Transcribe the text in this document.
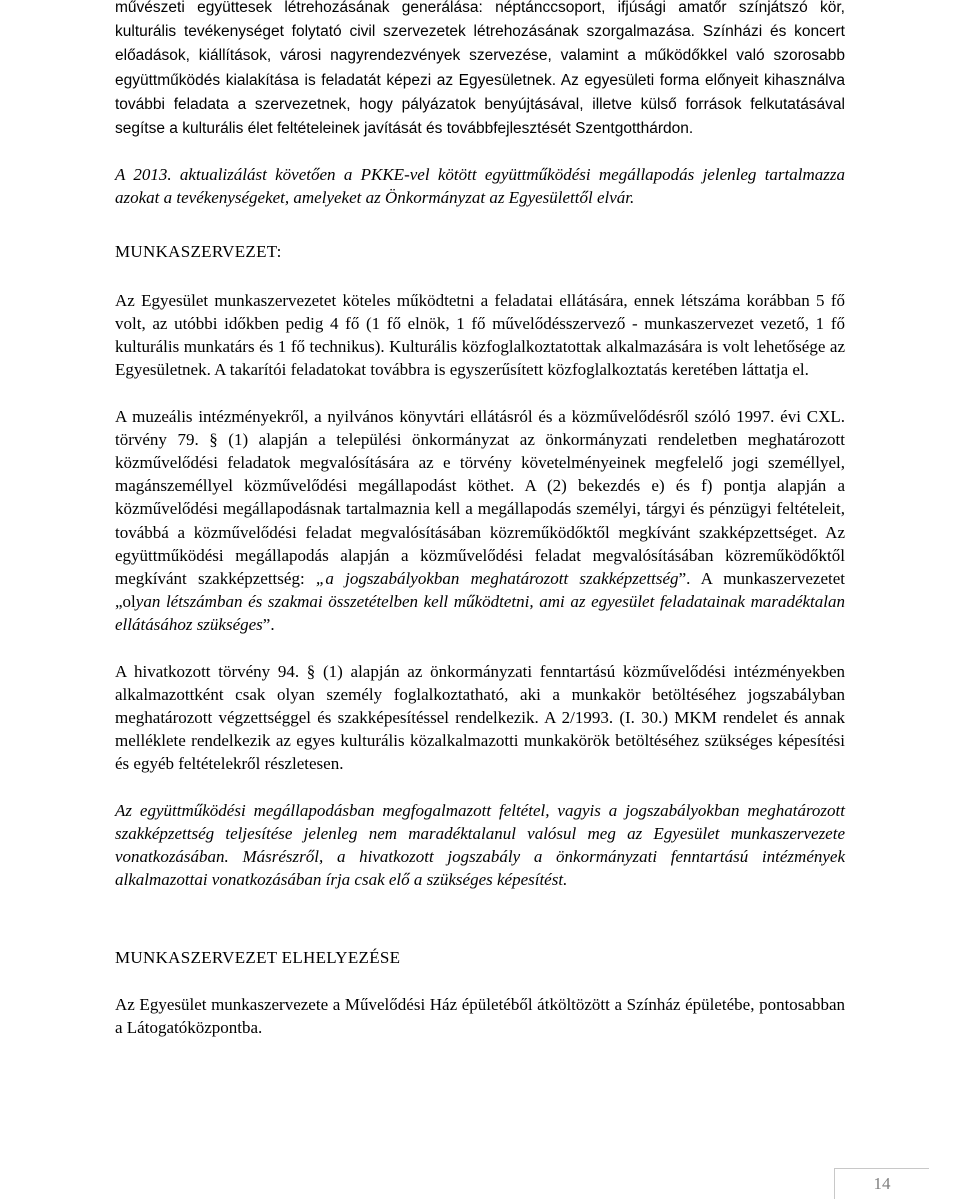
művészeti együttesek létrehozásának generálása: néptánccsoport, ifjúsági amatőr színjátszó kör, kulturális tevékenységet folytató civil szervezetek létrehozásának szorgalmazása. Színházi és koncert előadások, kiállítások, városi nagyrendezvények szervezése, valamint a működőkkel való szorosabb együttműködés kialakítása is feladatát képezi az Egyesületnek. Az egyesületi forma előnyeit kihasználva további feladata a szervezetnek, hogy pályázatok benyújtásával, illetve külső források felkutatásával segítse a kulturális élet feltételeinek javítását és továbbfejlesztését Szentgotthárdon.

A 2013. aktualizálást követően a PKKE-vel kötött együttműködési megállapodás jelenleg tartalmazza azokat a tevékenységeket, amelyeket az Önkormányzat az Egyesülettől elvár.

MUNKASZERVEZET:

Az Egyesület munkaszervezetet köteles működtetni a feladatai ellátására, ennek létszáma korábban 5 fő volt, az utóbbi időkben pedig 4 fő (1 fő elnök, 1 fő művelődésszervező - munkaszervezet vezető, 1 fő kulturális munkatárs és 1 fő technikus). Kulturális közfoglalkoztatottak alkalmazására is volt lehetősége az Egyesületnek. A takarítói feladatokat továbbra is egyszerűsített közfoglalkoztatás keretében láttatja el.

A muzeális intézményekről, a nyilvános könyvtári ellátásról és a közművelődésről szóló 1997. évi CXL. törvény 79. § (1) alapján a települési önkormányzat az önkormányzati rendeletben meghatározott közművelődési feladatok megvalósítására az e törvény követelményeinek megfelelő jogi személlyel, magánszeméllyel közművelődési megállapodást köthet. A (2) bekezdés e) és f) pontja alapján a közművelődési megállapodásnak tartalmaznia kell a megállapodás személyi, tárgyi és pénzügyi feltételeit, továbbá a közművelődési feladat megvalósításában közreműködőktől megkívánt szakképzettséget. Az együttműködési megállapodás alapján a közművelődési feladat megvalósításában közreműködőktől megkívánt szakképzettség: „a jogszabályokban meghatározott szakképzettség”. A munkaszervezetet „olyan létszámban és szakmai összetételben kell működtetni, ami az egyesület feladatainak maradéktalan ellátásához szükséges”.

A hivatkozott törvény 94. § (1) alapján az önkormányzati fenntartású közművelődési intézményekben alkalmazottként csak olyan személy foglalkoztatható, aki a munkakör betöltéséhez jogszabályban meghatározott végzettséggel és szakképesítéssel rendelkezik. A 2/1993. (I. 30.) MKM rendelet és annak melléklete rendelkezik az egyes kulturális közalkalmazotti munkakörök betöltéséhez szükséges képesítési és egyéb feltételekről részletesen.

Az együttműködési megállapodásban megfogalmazott feltétel, vagyis a jogszabályokban meghatározott szakképzettség teljesítése jelenleg nem maradéktalanul valósul meg az Egyesület munkaszervezete vonatkozásában. Másrészről, a hivatkozott jogszabály a önkormányzati fenntartású intézmények alkalmazottai vonatkozásában írja csak elő a szükséges képesítést.

MUNKASZERVEZET ELHELYEZÉSE

Az Egyesület munkaszervezete a Művelődési Ház épületéből átköltözött a Színház épületébe, pontosabban a Látogatóközpontba.

14
